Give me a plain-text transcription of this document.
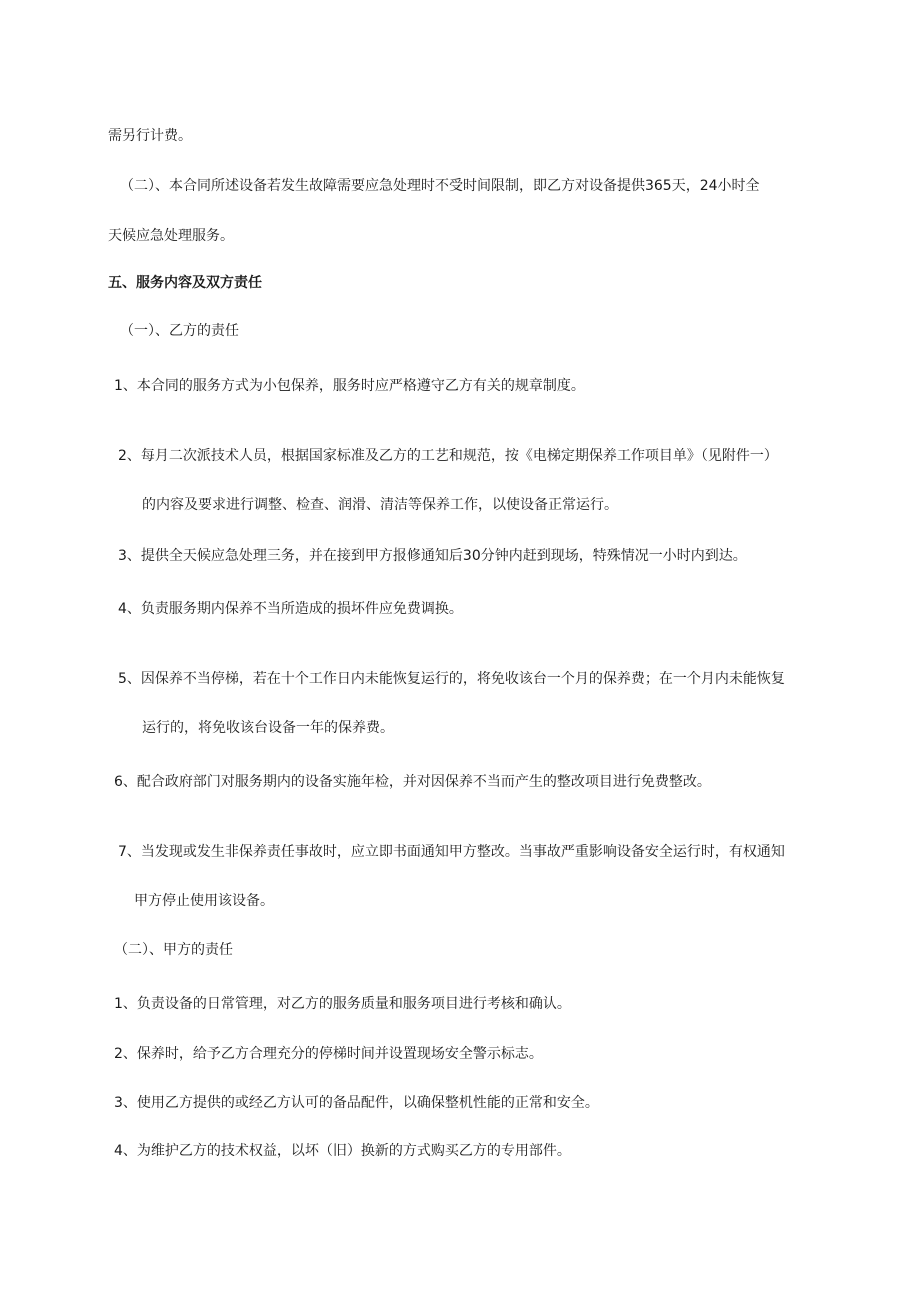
需另行计费。
（二）、本合同所述设备若发生故障需要应急处理时不受时间限制，即乙方对设备提供365天，24小时全
天候应急处理服务。
五、服务内容及双方责任
（一）、乙方的责任
1、本合同的服务方式为小包保养，服务时应严格遵守乙方有关的规章制度。
2、每月二次派技术人员，根据国家标准及乙方的工艺和规范，按《电梯定期保养工作项目单》（见附件一）
的内容及要求进行调整、检查、润滑、清洁等保养工作，以使设备正常运行。
3、提供全天候应急处理三务，并在接到甲方报修通知后30分钟内赶到现场，特殊情况一小时内到达。
4、负责服务期内保养不当所造成的损坏件应免费调换。
5、因保养不当停梯，若在十个工作日内未能恢复运行的，将免收该台一个月的保养费；在一个月内未能恢复
运行的，将免收该台设备一年的保养费。
6、配合政府部门对服务期内的设备实施年检，并对因保养不当而产生的整改项目进行免费整改。
7、当发现或发生非保养责任事故时，应立即书面通知甲方整改。当事故严重影响设备安全运行时，有权通知
甲方停止使用该设备。
（二）、甲方的责任
1、负责设备的日常管理，对乙方的服务质量和服务项目进行考核和确认。
2、保养时，给予乙方合理充分的停梯时间并设置现场安全警示标志。
3、使用乙方提供的或经乙方认可的备品配件，以确保整机性能的正常和安全。
4、为维护乙方的技术权益，以坏（旧）换新的方式购买乙方的专用部件。
